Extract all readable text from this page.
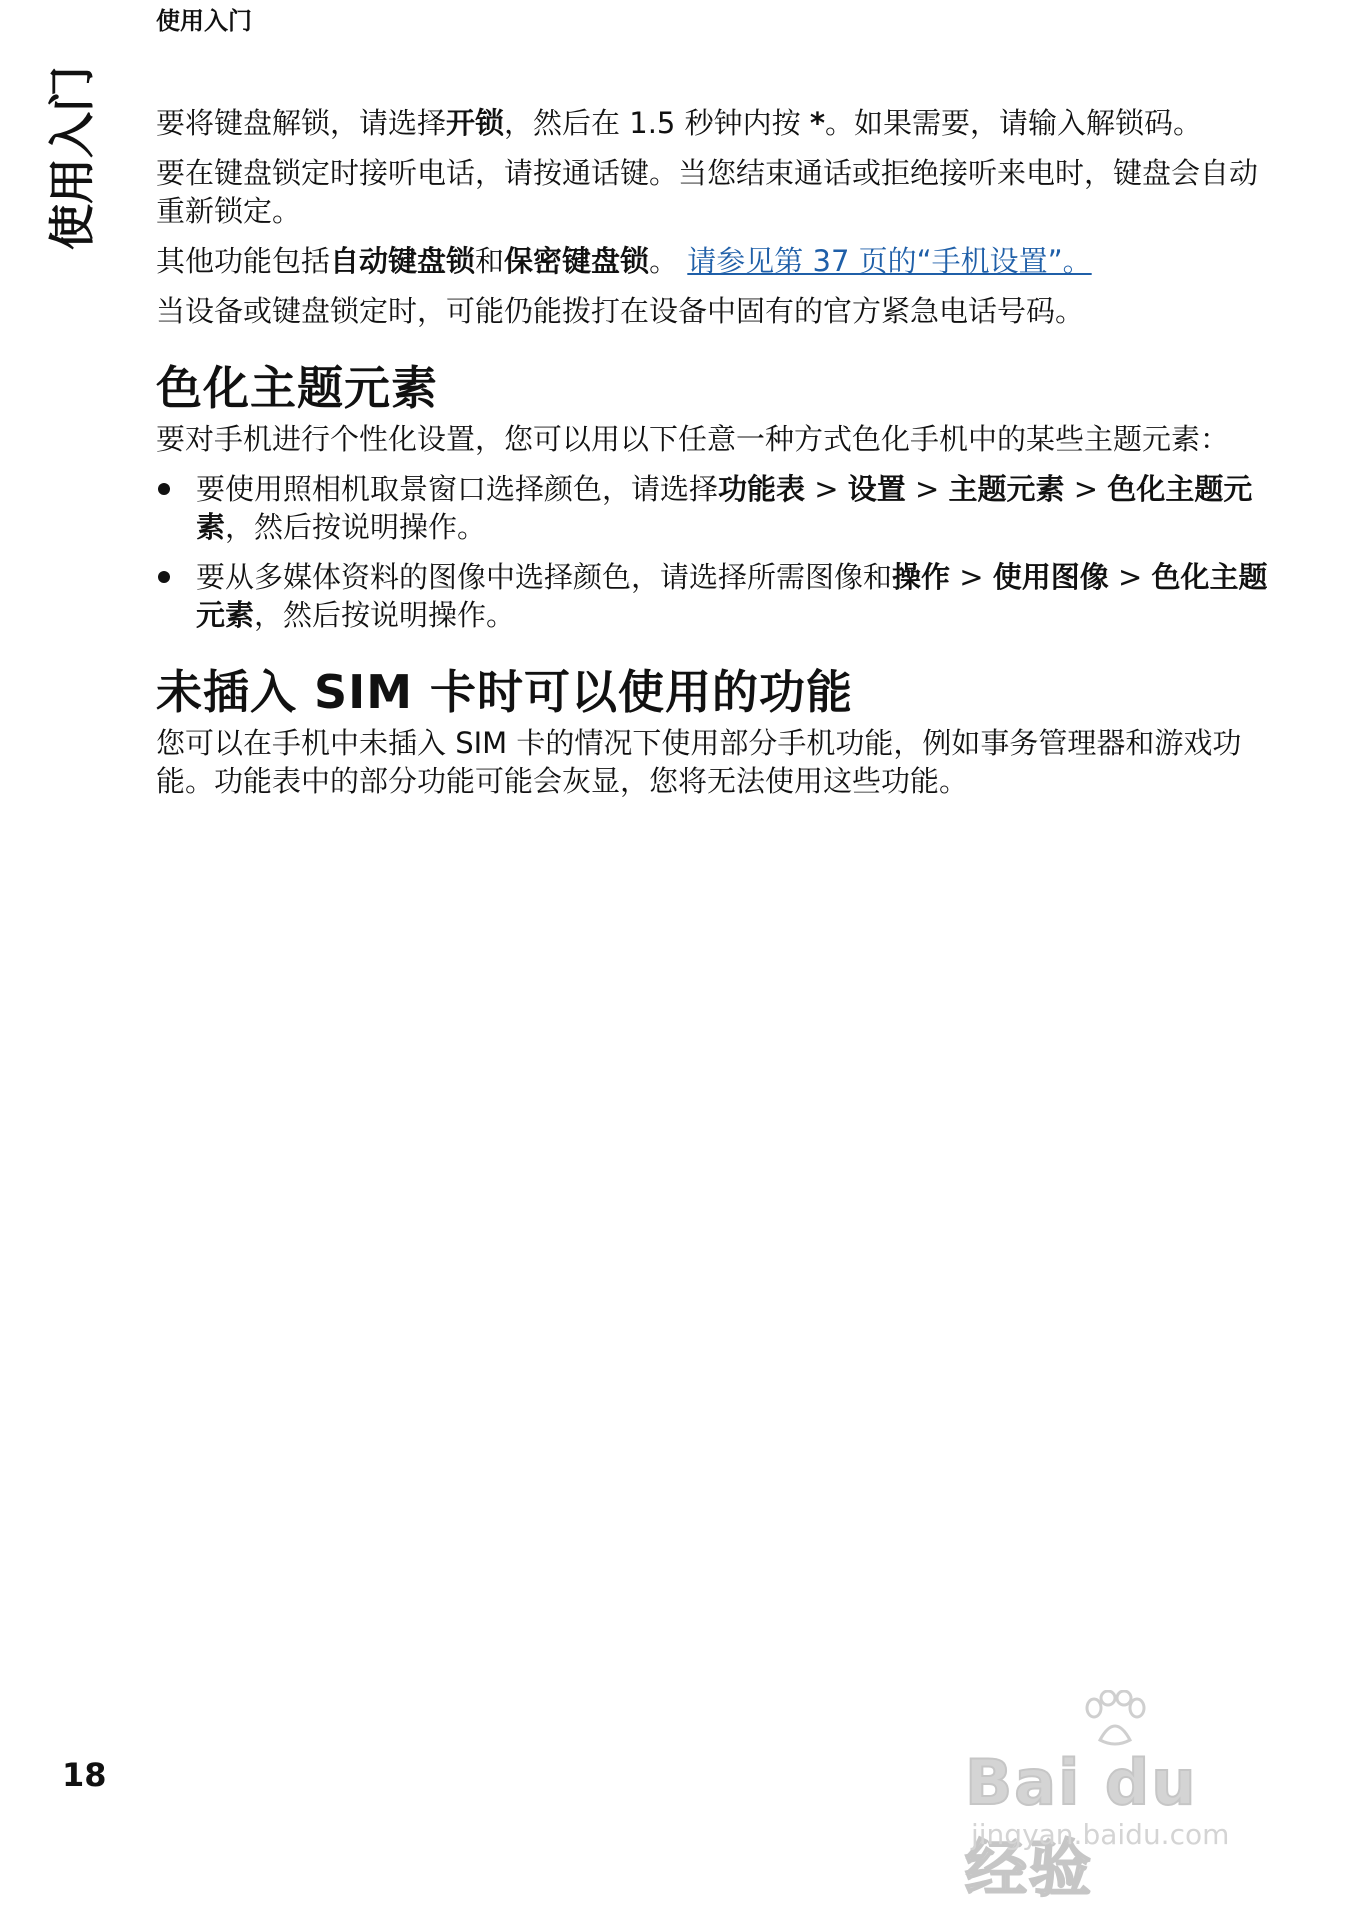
使用入门
使用入门 要将键盘解锁，请选择开锁，然后在 1.5 秒钟内按 *。如果需要，请输入解锁码。

要在键盘锁定时接听电话，请按通话键。当您结束通话或拒绝接听来电时，键盘会自动重新锁定。

其他功能包括自动键盘锁和保密键盘锁。 请参见第 37 页的“手机设置”。

当设备或键盘锁定时，可能仍能拨打在设备中固有的官方紧急电话号码。

色化主题元素

要对手机进行个性化设置，您可以用以下任意一种方式色化手机中的某些主题元素：

要使用照相机取景窗口选择颜色，请选择功能表 > 设置 > 主题元素 > 色化主题元素，然后按说明操作。
要从多媒体资料的图像中选择颜色，请选择所需图像和操作 > 使用图像 > 色化主题元素，然后按说明操作。
未插入 SIM 卡时可以使用的功能

您可以在手机中未插入 SIM 卡的情况下使用部分手机功能，例如事务管理器和游戏功能。功能表中的部分功能可能会灰显，您将无法使用这些功能。

18	Bai du 经验
jingyan.baidu.com
